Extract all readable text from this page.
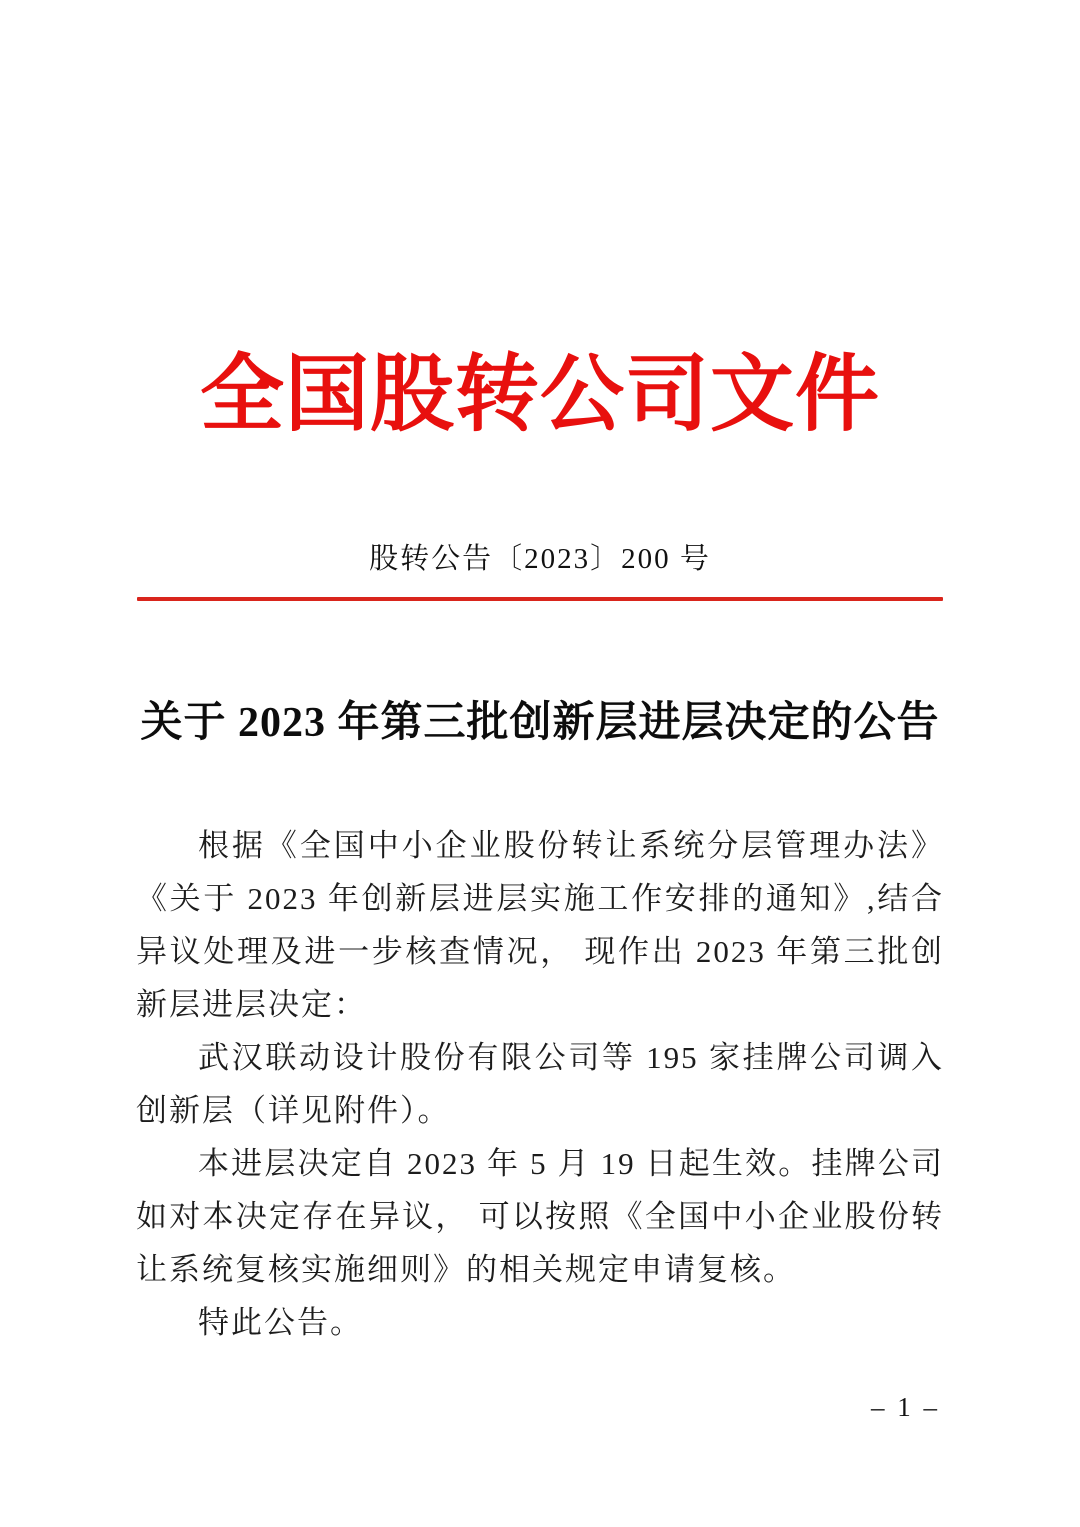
全国股转公司文件
股转公告〔2023〕200 号
关于 2023 年第三批创新层进层决定的公告

根据《全国中小企业股份转让系统分层管理办法》《关于 2023 年创新层进层实施工作安排的通知》,结合异议处理及进一步核查情况， 现作出 2023 年第三批创新层进层决定：

武汉联动设计股份有限公司等 195 家挂牌公司调入创新层（详见附件）。

本进层决定自 2023 年 5 月 19 日起生效。挂牌公司如对本决定存在异议， 可以按照《全国中小企业股份转让系统复核实施细则》的相关规定申请复核。

特此公告。

– 1 –
